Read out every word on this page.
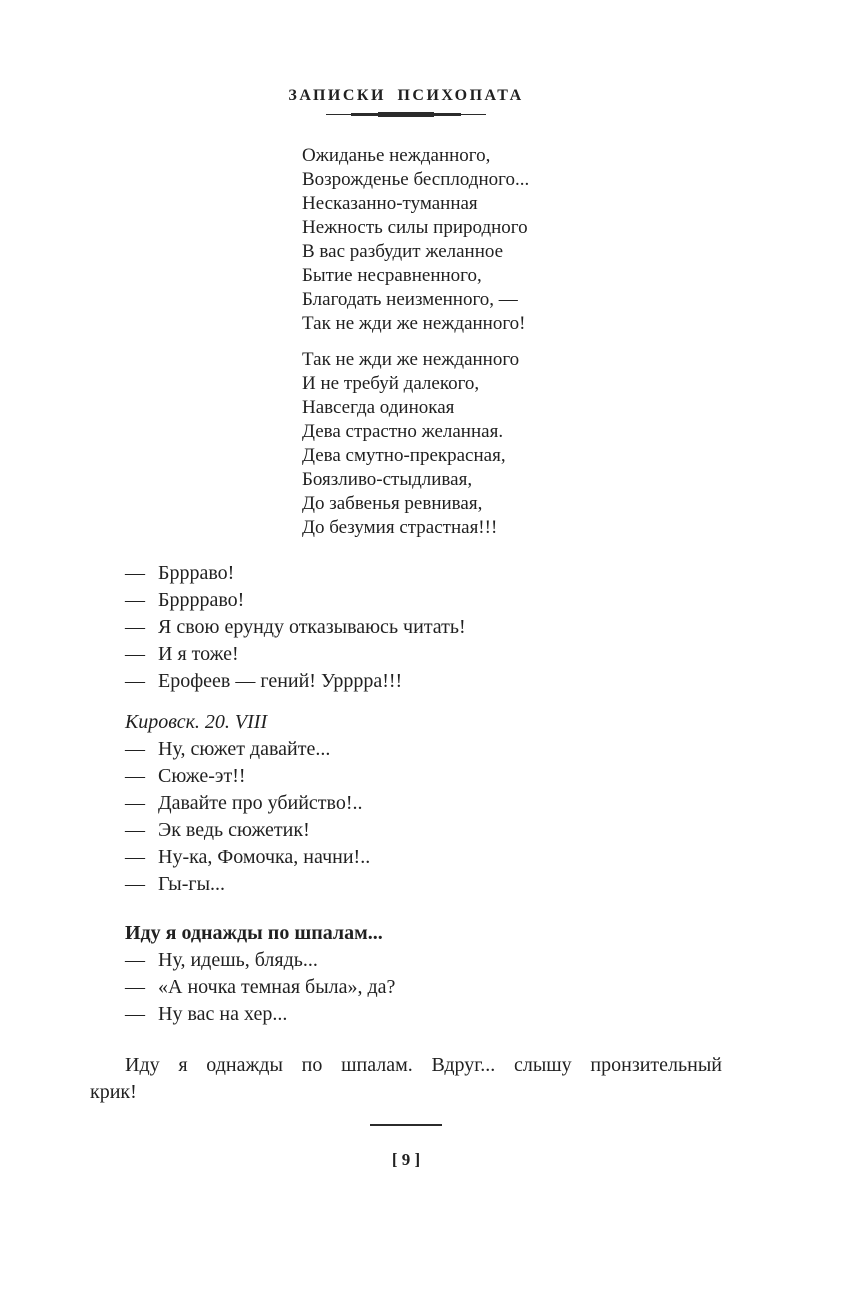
ЗАПИСКИ ПСИХОПАТА
Ожиданье нежданного,
Возрожденье бесплодного...
Несказанно-туманная
Нежность силы природного
В вас разбудит желанное
Бытие несравненного,
Благодать неизменного, —
Так не жди же нежданного!
Так не жди же нежданного
И не требуй далекого,
Навсегда одинокая
Дева страстно желанная.
Дева смутно-прекрасная,
Боязливо-стыдливая,
До забвенья ревнивая,
До безумия страстная!!!
— Бррраво!
— Брррраво!
— Я свою ерунду отказываюсь читать!
— И я тоже!
— Ерофеев — гений! Урррра!!!
Кировск. 20. VIII
— Ну, сюжет давайте...
— Сюже-эт!!
— Давайте про убийство!..
— Эк ведь сюжетик!
— Ну-ка, Фомочка, начни!..
— Гы-гы...
Иду я однажды по шпалам...
— Ну, идешь, блядь...
— «А ночка темная была», да?
— Ну вас на хер...
Иду я однажды по шпалам. Вдруг... слышу пронзительный
крик!
[ 9 ]
